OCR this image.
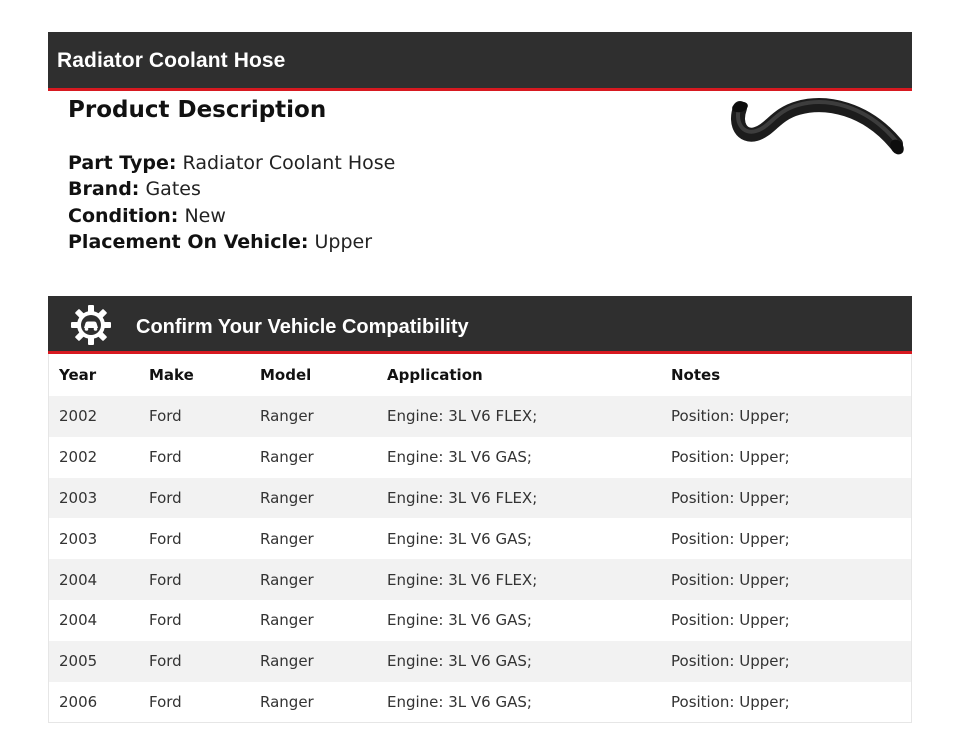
Radiator Coolant Hose
Product Description
Part Type: Radiator Coolant Hose
Brand: Gates
Condition: New
Placement On Vehicle: Upper
Confirm Your Vehicle Compatibility
Year	Make	Model	Application	Notes
2002	Ford	Ranger	Engine: 3L V6 FLEX;	Position: Upper;
2002	Ford	Ranger	Engine: 3L V6 GAS;	Position: Upper;
2003	Ford	Ranger	Engine: 3L V6 FLEX;	Position: Upper;
2003	Ford	Ranger	Engine: 3L V6 GAS;	Position: Upper;
2004	Ford	Ranger	Engine: 3L V6 FLEX;	Position: Upper;
2004	Ford	Ranger	Engine: 3L V6 GAS;	Position: Upper;
2005	Ford	Ranger	Engine: 3L V6 GAS;	Position: Upper;
2006	Ford	Ranger	Engine: 3L V6 GAS;	Position: Upper;
